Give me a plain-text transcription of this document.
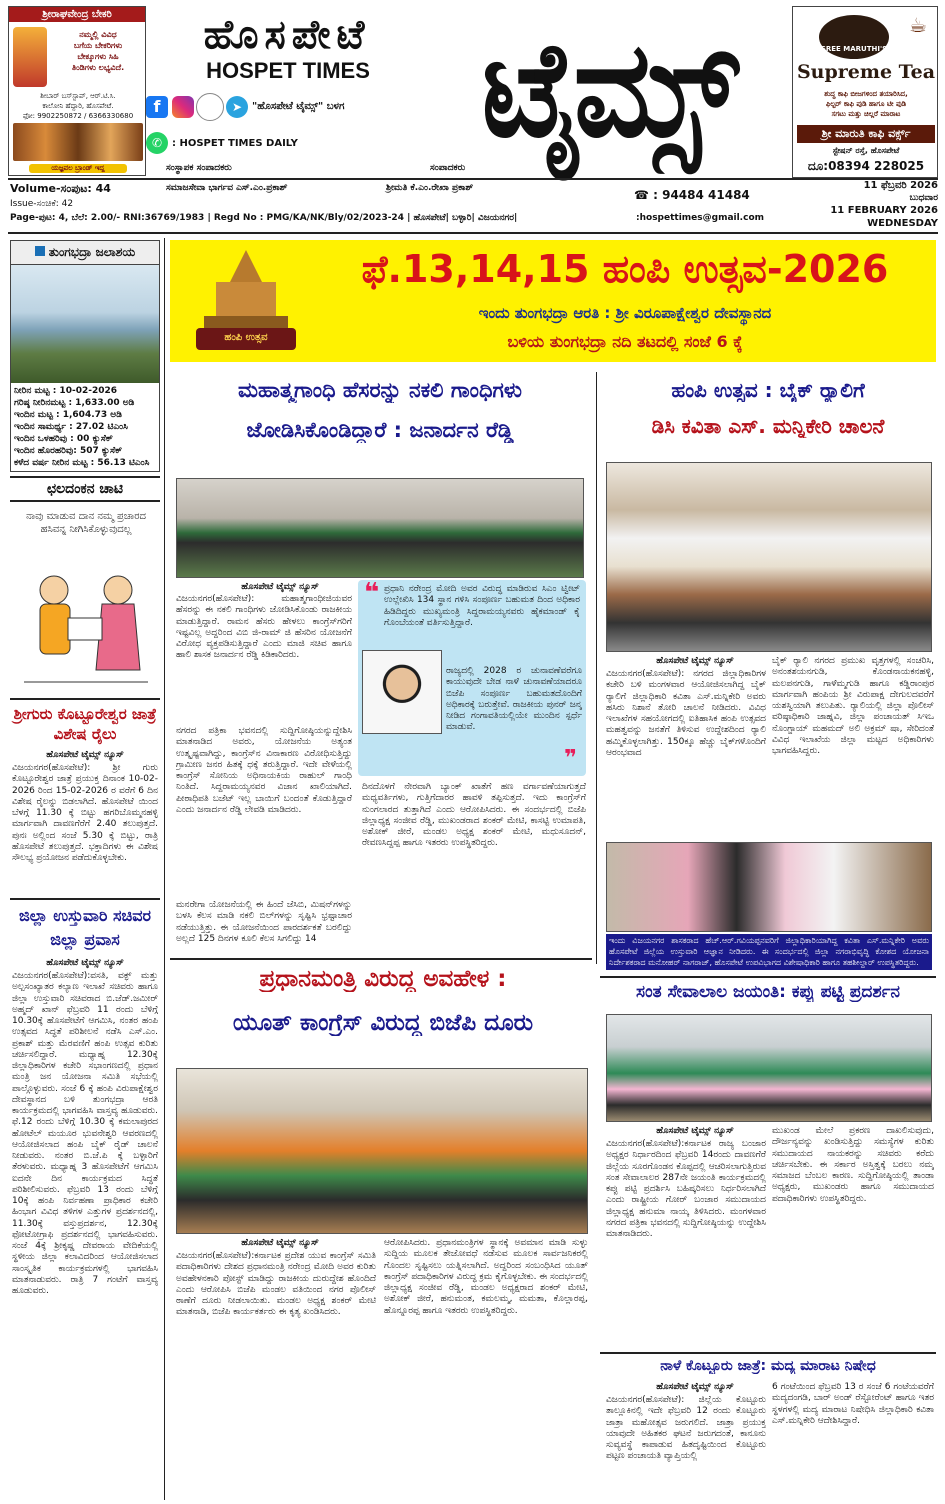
ಶ್ರೀರಾಘವೇಂದ್ರ ಬೇಕರಿ
ನಮ್ಮಲ್ಲಿ ವಿವಿಧ
ಬಗೆಯ ಬೇಕರಿಗಳು
ಬೇಕ್ಕೂಗಳು ಸಿಹಿ
ತಿಂಡಿಗಳು ಲಭ್ಯವಿದೆ.
ಶೀಬಾರ್ ಬಸ್‌ಸ್ಟಾಪ್, ಆರ್.ಟಿ.ಸಿ.
ಕಾಲೋನಿ ಹೆದ್ದಾರಿ, ಹೊಸಪೇಟೆ.
ಫೋ: 9902250872 / 6366330680
ಯಜ್ಞವಲ ಬ್ರಾಂಡ್ ಇದ್ದ
ಹೊಸಪೇಟೆ
HOSPET TIMES ಟೈಮ್ಸ್
f	➤ "ಹೊಸಪೇಟೆ ಟೈಮ್ಸ್" ಬಳಗ
✆ : HOSPET TIMES DAILY
☕
SREE MARUTHI'S
Supreme Tea
ಶುದ್ಧ ಕಾಫಿ ಬೀಜಗಳಿಂದ ತಯಾರಿಸಿದ,
ಫಿಲ್ಟರ್ ಕಾಫಿ ಪುಡಿ ಹಾಗೂ ಟೀ ಪುಡಿ
ಸಗಟು ಮತ್ತು ಚಿಲ್ಲರೆ ಮಾರಾಟ
ಶ್ರೀ ಮಾರುತಿ ಕಾಫಿ ವರ್ಕ್ಸ್
ಸ್ಟೇಷನ್ ರಸ್ತೆ, ಹೊಸಪೇಟೆ
ದೂ:08394 228025
ಸಂಸ್ಥಾಪಕ ಸಂಪಾದಕರು	ಸಂಪಾದಕರು
Volume-ಸಂಪುಟ: 44	ಸಮಾಜಸೇವಾ ಭಾರ್ಗವ ಎಸ್.ಎಂ.ಪ್ರಕಾಶ್	ಶ್ರೀಮತಿ ಕೆ.ಎಂ.ರೇಖಾ ಪ್ರಕಾಶ್	☎ : 94484 41484
11 ಫೆಬ್ರವರಿ 2026
ಬುಧವಾರ
Issue-ಸಂಚಿಕೆ: 42
11 FEBRUARY 2026
Page-ಪುಟ: 4, ಬೆಲೆ: 2.00/- RNI:36769/1983 | Regd No : PMG/KA/NK/Bly/02/2023-24 | ಹೊಸಪೇಟೆ| ಬಳ್ಳಾರಿ| ವಿಜಯನಗರ|	:hospettimes@gmail.com	WEDNESDAY
ತುಂಗಭದ್ರಾ ಜಲಾಶಯ
ನೀರಿನ ಮಟ್ಟ : 10-02-2026
ಗರಿಷ್ಠ ನೀರಿನಮಟ್ಟ : 1,633.00 ಅಡಿ
ಇಂದಿನ ಮಟ್ಟ : 1,604.73 ಅಡಿ
ಇಂದಿನ ಸಾಮರ್ಥ್ಯ : 27.02 ಟಿಎಂಸಿ
ಇಂದಿನ ಒಳಹರಿವು : 00 ಕ್ಯುಸೆಕ್
ಇಂದಿನ ಹೊರಹರಿವು: 507 ಕ್ಯುಸೆಕ್
ಕಳೆದ ವರ್ಷ ನೀರಿನ ಮಟ್ಟ : 56.13 ಟಿಎಂಸಿ
ಛಲದಂಕನ ಚಾಟಿ
ನಾವು ಮಾಡುವ ದಾನ ನಮ್ಮ ಪ್ರಚಾರದ ಹಸಿವನ್ನ ನೀಗಿಸಿಕೊಳ್ಳುವುದಲ್ಲ
ಶ್ರೀಗುರು ಕೊಟ್ಟೂರೇಶ್ವರ ಜಾತ್ರೆ ವಿಶೇಷ ರೈಲು
ಹೊಸಪೇಟೆ ಟೈಮ್ಸ್ ನ್ಯೂಸ್
ವಿಜಯನಗರ(ಹೊಸಪೇಟೆ): ಶ್ರೀ ಗುರು ಕೊಟ್ಟೂರೇಶ್ವರ ಜಾತ್ರೆ ಪ್ರಯುಕ್ತ ದಿನಾಂಕ 10-02-2026 ರಿಂದ 15-02-2026 ರ ವರೆಗೆ 6 ದಿನ ವಿಶೇಷ ರೈಲನ್ನು ಬಿಡಲಾಗಿದೆ. ಹೊಸಪೇಟೆ ಯಿಂದ ಬೆಳಗ್ಗೆ 11.30 ಕ್ಕೆ ಬಿಟ್ಟು ಹಗರಿಬೊಮ್ಮನಹಳ್ಳಿ ಮಾರ್ಗವಾಗಿ ದಾವಣಗೆರೆಗೆ 2.40 ತಲುಪುತ್ತದೆ. ಪುನಃ ಅಲ್ಲಿಂದ ಸಂಜೆ 5.30 ಕ್ಕೆ ಬಿಟ್ಟು, ರಾತ್ರಿ ಹೊಸಪೇಟೆ ತಲುಪುತ್ತದೆ. ಭಕ್ತಾದಿಗಳು ಈ ವಿಶೇಷ ಸೌಲಭ್ಯ ಪ್ರಯೋಜನ ಪಡೆದುಕೊಳ್ಳಬೇಕು.
ಜಿಲ್ಲಾ ಉಸ್ತುವಾರಿ ಸಚಿವರ ಜಿಲ್ಲಾ ಪ್ರವಾಸ
ಹೊಸಪೇಟೆ ಟೈಮ್ಸ್ ನ್ಯೂಸ್
ವಿಜಯನಗರ(ಹೊಸಪೇಟೆ):ವಸತಿ, ವಕ್ಫ್ ಮತ್ತು ಅಲ್ಪಸಂಖ್ಯಾತರ ಕಲ್ಯಾಣ ಇಲಾಖೆ ಸಚಿವರು ಹಾಗೂ ಜಿಲ್ಲಾ ಉಸ್ತುವಾರಿ ಸಚಿವರಾದ ಬಿ.ಜೆಡ್.ಜಮೀರ್ ಅಹ್ಮದ್ ಖಾನ್ ಫೆಬ್ರವರಿ 11 ರಂದು ಬೆಳಿಗ್ಗೆ 10.30ಕ್ಕೆ ಹೊಸಪೇಟೆಗೆ ಆಗಮಿಸಿ, ನಂತರ ಹಂಪಿ ಉತ್ಸವದ ಸಿದ್ಧತೆ ಪರಿಶೀಲನೆ ನಡೆಸಿ ಎಸ್.ಎಂ. ಪ್ರಕಾಶ್ ಮತ್ತು ಮೆರವಣಿಗೆ ಹಂಪಿ ಉತ್ಸವ ಕುರಿತು ಚರ್ಚಿಸಲಿದ್ದಾರೆ. ಮಧ್ಯಾಹ್ನ 12.30ಕ್ಕೆ ಜಿಲ್ಲಾಧಿಕಾರಿಗಳ ಕಚೇರಿ ಸಭಾಂಗಣದಲ್ಲಿ ಪ್ರಧಾನ ಮಂತ್ರಿ ಜನ ಯೋಜನಾ ಸಮಿತಿ ಸಭೆಯಲ್ಲಿ ಪಾಲ್ಗೊಳ್ಳುವರು. ಸಂಜೆ 6 ಕ್ಕೆ ಹಂಪಿ ವಿರುಪಾಕ್ಷೇಶ್ವರ ದೇವಸ್ಥಾನದ ಬಳಿ ತುಂಗಭದ್ರಾ ಆರತಿ ಕಾರ್ಯಕ್ರಮದಲ್ಲಿ ಭಾಗವಹಿಸಿ ವಾಸ್ತವ್ಯ ಹೂಡುವರು. ಫೆ.12 ರಂದು ಬೆಳಿಗ್ಗೆ 10.30 ಕ್ಕೆ ಕಮಲಾಪುರದ ಹೋಟೆಲ್ ಮಯೂರ ಭುವನೇಶ್ವರಿ ಆವರಣದಲ್ಲಿ ಆಯೋಜಿಸಲಾದ ಹಂಪಿ ಬೈಕ್ ರೈಡ್ ಚಾಲನೆ ನೀಡುವರು. ನಂತರ ಬಿ.ಜೆ.ಪಿ ಕ್ಕೆ ಬಳ್ಳಾರಿಗೆ ತೆರಳುವರು. ಮಧ್ಯಾಹ್ನ 3 ಹೊಸಪೇಟೆಗೆ ಆಗಮಿಸಿ ಐದನೇ ದಿನ ಕಾರ್ಯಕ್ರಮದ ಸಿದ್ಧತೆ ಪರಿಶೀಲಿಸುವರು. ಫೆಬ್ರವರಿ 13 ರಂದು ಬೆಳಿಗ್ಗೆ 10ಕ್ಕೆ ಹಂಪಿ ನಿರ್ವಹಣಾ ಪ್ರಾಧಿಕಾರ ಕಚೇರಿ ಹಿಂಭಾಗ ವಿವಿಧ ತಳಿಗಳ ಎತ್ತುಗಳ ಪ್ರದರ್ಶನದಲ್ಲಿ, 11.30ಕ್ಕೆ ವಸ್ತುಪ್ರದರ್ಶನ, 12.30ಕ್ಕೆ ಫೋಟೋಗ್ರಾಫಿ ಪ್ರದರ್ಶನದಲ್ಲಿ ಭಾಗವಹಿಸುವರು. ಸಂಜೆ 4ಕ್ಕೆ ಶ್ರೀಕೃಷ್ಣ ದೇವರಾಯ ವೇದಿಕೆಯಲ್ಲಿ ಸ್ಥಳೀಯ ಜಿಲ್ಲಾ ಕಲಾವಿದರಿಂದ ಆಯೋಜಿಸಲಾದ ಸಾಂಸ್ಕೃತಿಕ ಕಾರ್ಯಕ್ರಮಗಳಲ್ಲಿ ಭಾಗವಹಿಸಿ ಮಾತನಾಡುವರು. ರಾತ್ರಿ 7 ಗಂಟೆಗೆ ವಾಸ್ತವ್ಯ ಹೂಡುವರು.
ಹಂಪಿ ಉತ್ಸವ
ಫೆ.13,14,15 ಹಂಪಿ ಉತ್ಸವ-2026
ಇಂದು ತುಂಗಭದ್ರಾ ಆರತಿ : ಶ್ರೀ ವಿರೂಪಾಕ್ಷೇಶ್ವರ ದೇವಸ್ಥಾನದ
ಬಳಿಯ ತುಂಗಭದ್ರಾ ನದಿ ತಟದಲ್ಲಿ ಸಂಜೆ 6 ಕ್ಕೆ
ಮಹಾತ್ಮಗಾಂಧಿ ಹೆಸರನ್ನು ನಕಲಿ ಗಾಂಧಿಗಳು
ಜೋಡಿಸಿಕೊಂಡಿದ್ದಾರೆ : ಜನಾರ್ದನ ರೆಡ್ಡಿ
ಹೊಸಪೇಟೆ ಟೈಮ್ಸ್ ನ್ಯೂಸ್
ವಿಜಯನಗರ(ಹೊಸಪೇಟೆ): ಮಹಾತ್ಮಗಾಂಧೀಜಿಯವರ ಹೆಸರನ್ನು ಈ ನಕಲಿ ಗಾಂಧಿಗಳು ಜೋಡಿಸಿಕೊಂಡು ರಾಜಕೀಯ ಮಾಡುತ್ತಿದ್ದಾರೆ. ರಾಮನ ಹೆಸರು ಹೇಳಲು ಕಾಂಗ್ರೆಸ್‌ಗರಿಗೆ ಇಷ್ಟವಿಲ್ಲ ಅದ್ದರಿಂದ ವಿಬಿ ಜಿ-ರಾಮ್ ಜಿ ಹೆಸರಿನ ಯೋಜನೆಗೆ ವಿರೋಧ ವ್ಯಕ್ತಪಡಿಸುತ್ತಿದ್ದಾರೆ ಎಂದು ಮಾಜಿ ಸಚಿವ ಹಾಗೂ ಹಾಲಿ ಶಾಸಕ ಜನಾರ್ದನ ರೆಡ್ಡಿ ಕಿಡಿಕಾರಿದರು.
ನಗರದ ಪತ್ರಿಕಾ ಭವನದಲ್ಲಿ ಸುದ್ದಿಗೋಷ್ಠಿಯನ್ನುದ್ದೇಶಿಸಿ ಮಾತನಾಡಿದ ಅವರು, ಯೋಜನೆಯ ಅತ್ಯಂತ ಉತ್ಕೃಷ್ಟವಾಗಿದ್ದು, ಕಾಂಗ್ರೆಸ್‌ನ ವಿನಾಕಾರಣ ವಿರೋಧಿಸುತ್ತಿದ್ದು ಗ್ರಾಮೀಣ ಜನರ ಹಿತಕ್ಕೆ ಧಕ್ಕೆ ತರುತ್ತಿದ್ದಾರೆ. ಇದೇ ವೇಳೆಯಲ್ಲಿ ಕಾಂಗ್ರೆಸ್ ಸೋನಿಯ ಅಧಿನಾಯಕಿಯ ರಾಹುಲ್‌ ಗಾಂಧಿ ನಿಂತಿದೆ. ಸಿದ್ದರಾಮಯ್ಯನವರ ವಿಜಾನ ಖಾಲಿಯಾಗಿದೆ. ಪೀಠಾಧಿಪತಿ ಬಜೆಟ್ ಇಲ್ಲ ಬಾಯಿಗೆ ಬಂದಂತೆ ಕೊಡುತ್ತಿದ್ದಾರೆ ಎಂದು ಜನಾರ್ದನ ರೆಡ್ಡಿ ಲೇವಡಿ ಮಾಡಿದರು.
ಮನರೇಗಾ ಯೋಜನೆಯಲ್ಲಿ ಈ ಹಿಂದೆ ಜೆಸಿಬಿ, ಮಿಷನ್‌ಗಳನ್ನು ಬಳಸಿ ಕೆಲಸ ಮಾಡಿ ನಕಲಿ ಬಿಲ್‌ಗಳನ್ನು ಸೃಷ್ಟಿಸಿ ಭ್ರಷ್ಟಾಚಾರ ನಡೆಯುತ್ತಿತ್ತು. ಈ ಯೋಜನೆಯಿಂದ ಪಾರದರ್ಶಕತೆ ಬರಲಿದ್ದು ಅಲ್ಲದೆ 125 ದಿನಗಳ ಕೂಲಿ ಕೆಲಸ ಸಿಗಲಿದ್ದು 14
❝ ಪ್ರಧಾನಿ ನರೇಂದ್ರ ಮೋದಿ ಅವರ ವಿರುದ್ಧ ಮಾಡಿರುವ ಸಿಎಂ ಟ್ವೀಟ್ ಉಲ್ಲೇಖಿಸಿ 134 ಸ್ಥಾನ ಗಳಿಸಿ ಸಂಪೂರ್ಣ ಬಹುಮತ ದಿಂದ ಅಧಿಕಾರ ಹಿಡಿದಿದ್ದರು ಮುಖ್ಯಮಂತ್ರಿ ಸಿದ್ದರಾಮಯ್ಯನವರು ಹೈಕಮಾಂಡ್‌ ಕೈ ಗೊಂಬೆಯಂತೆ ವರ್ತಿಸುತ್ತಿದ್ದಾರೆ.
ರಾಜ್ಯದಲ್ಲಿ 2028 ರ ಚುನಾವಣೆವರೆಗೂ ಕಾಯುವುದೇ ಬೇಡ ನಾಳೆ ಚುನಾವಣೆಯಾದರೂ ಬಿಜೆಪಿ ಸಂಪೂರ್ಣ ಬಹುಮತದೊಂದಿಗೆ ಅಧಿಕಾರಕ್ಕೆ ಬರುತ್ತೇವೆ. ರಾಜಕೀಯ ಪುನರ್ ಜನ್ಮ ನೀಡಿದ ಗಂಗಾವತಿಯಲ್ಲಿಯೇ ಮುಂದಿನ ಸ್ಪರ್ಧೆ ಮಾಡುವೆ.
❞
ದಿನದೊಳಗೆ ನೇರವಾಗಿ ಬ್ಯಾಂಕ್ ಖಾತೆಗೆ ಹಣ ವರ್ಗಾವಣೆಯಾಗುತ್ತದೆ ಮಧ್ಯವರ್ತಿಗಳು, ಗುತ್ತಿಗೆದಾರರ ಹಾವಳಿ ತಪ್ಪಿಸುತ್ತದೆ. ಇದು ಕಾಂಗ್ರೆಸ್‌ಗೆ ನುಂಗಲಾರದ ತುತ್ತಾಗಿದೆ ಎಂದು ಆರೋಪಿಸಿದರು. ಈ ಸಂದರ್ಭದಲ್ಲಿ ಬಿಜೆಪಿ ಜಿಲ್ಲಾಧ್ಯಕ್ಷ ಸಂಜೀವ ರೆಡ್ಡಿ, ಮುಖಂಡರಾದ ಶಂಕರ್ ಮೇಟಿ, ಕಾಸಟ್ಟಿ ಉಮಾಪತಿ, ಅಶೋಕ್ ಜೀರೆ, ಮಂಡಲ ಅಧ್ಯಕ್ಷ ಶಂಕರ್ ಮೇಟಿ, ಮಧುಸೂದನ್, ರೇವಣಸಿದ್ದಪ್ಪ ಹಾಗೂ ಇತರರು ಉಪಸ್ಥಿತರಿದ್ದರು.
ಪ್ರಧಾನಮಂತ್ರಿ ವಿರುದ್ಧ ಅವಹೇಳ :
ಯೂತ್ ಕಾಂಗ್ರೆಸ್ ವಿರುದ್ಧ ಬಿಜೆಪಿ ದೂರು
ಹೊಸಪೇಟೆ ಟೈಮ್ಸ್ ನ್ಯೂಸ್
ವಿಜಯನಗರ(ಹೊಸಪೇಟೆ):ಕರ್ನಾಟಕ ಪ್ರದೇಶ ಯುವ ಕಾಂಗ್ರೆಸ್ ಸಮಿತಿ ಪದಾಧಿಕಾರಿಗಳು ದೇಶದ ಪ್ರಧಾನಮಂತ್ರಿ ನರೇಂದ್ರ ಮೋದಿ ಅವರ ಕುರಿತು ಅವಹೇಳನಕಾರಿ ಪೋಸ್ಟ್ ಮಾಡಿದ್ದು ರಾಜಕೀಯ ದುರುದ್ದೇಶ ಹೊಂದಿದೆ ಎಂದು ಆರೋಪಿಸಿ ಬಿಜೆಪಿ ಮಂಡಲ ವತಿಯಿಂದ ನಗರ ಪೊಲೀಸ್ ಠಾಣೆಗೆ ದೂರು ನೀಡಲಾಯಿತು. ಮಂಡಲ ಅಧ್ಯಕ್ಷ ಶಂಕರ್ ಮೇಟಿ ಮಾತನಾಡಿ, ಬಿಜೆಪಿ ಕಾರ್ಯಕರ್ತರು ಈ ಕೃತ್ಯ ಖಂಡಿಸಿದರು.
ಆರೋಪಿಸಿದರು. ಪ್ರಧಾನಮಂತ್ರಿಗಳ ಸ್ಥಾನಕ್ಕೆ ಅವಮಾನ ಮಾಡಿ ಸುಳ್ಳು ಸುದ್ದಿಯ ಮೂಲಕ ತೇಜೋವಧೆ ನಡೆಸುವ ಮೂಲಕ ಸಾರ್ವಜನಿಕರಲ್ಲಿ ಗೊಂದಲ ಸೃಷ್ಟಿಸಲು ಯತ್ನಿಸಲಾಗಿದೆ. ಅದ್ದರಿಂದ ಸಂಬಂಧಿಸಿದ ಯೂತ್ ಕಾಂಗ್ರೆಸ್ ಪದಾಧಿಕಾರಿಗಳ ವಿರುದ್ಧ ಕ್ರಮ ಕೈಗೊಳ್ಳಬೇಕು. ಈ ಸಂದರ್ಭದಲ್ಲಿ ಜಿಲ್ಲಾಧ್ಯಕ್ಷ ಸಂಜೀವ ರೆಡ್ಡಿ, ಮಂಡಲ ಅಧ್ಯಕ್ಷರಾದ ಶಂಕರ್ ಮೇಟಿ, ಅಶೋಕ್ ಜೀರೆ, ಹನುಮಂತ, ಕಮಲಮ್ಮ, ಮಮತಾ, ಕೊಲ್ಲಾರಪ್ಪ, ಹೊನ್ನೂರಪ್ಪ ಹಾಗೂ ಇತರರು ಉಪಸ್ಥಿತರಿದ್ದರು.
ಹಂಪಿ ಉತ್ಸವ : ಬೈಕ್ ರ‍್ಯಾಲಿಗೆ
ಡಿಸಿ ಕವಿತಾ ಎಸ್. ಮನ್ನಿಕೇರಿ ಚಾಲನೆ
ಹೊಸಪೇಟೆ ಟೈಮ್ಸ್ ನ್ಯೂಸ್
ವಿಜಯನಗರ(ಹೊಸಪೇಟೆ): ನಗರದ ಜಿಲ್ಲಾಧಿಕಾರಿಗಳ ಕಚೇರಿ ಬಳಿ ಮಂಗಳವಾರ ಆಯೋಜಿಸಲಾಗಿದ್ದ ಬೈಕ್ ರ‍್ಯಾಲಿಗೆ ಜಿಲ್ಲಾಧಿಕಾರಿ ಕವಿತಾ ಎಸ್.ಮನ್ನಿಕೇರಿ ಅವರು ಹಸಿರು ನಿಶಾನೆ ತೋರಿ ಚಾಲನೆ ನೀಡಿದರು. ವಿವಿಧ ಇಲಾಖೆಗಳ ಸಹಯೋಗದಲ್ಲಿ ಐತಿಹಾಸಿಕ ಹಂಪಿ ಉತ್ಸವದ ಮಹತ್ವವನ್ನು ಜನತೆಗೆ ತಿಳಿಸುವ ಉದ್ದೇಶದಿಂದ ರ‍್ಯಾಲಿ ಹಮ್ಮಿಕೊಳ್ಳಲಾಗಿತ್ತು. 150ಕ್ಕೂ ಹೆಚ್ಚು ಬೈಕ್‌ಗಳೊಂದಿಗೆ ಆರಂಭವಾದ
ಬೈಕ್ ರ‍್ಯಾಲಿ ನಗರದ ಪ್ರಮುಖ ವೃತ್ತಗಳಲ್ಲಿ ಸಂಚರಿಸಿ, ಅನಂತಶಯನಗುಡಿ, ಕೊಂಡನಾಯಕನಹಳ್ಳಿ, ಮಲಪನಗುಡಿ, ಗಾಳೆಮ್ಮಗುಡಿ ಹಾಗೂ ಕಡ್ಡಿರಾಂಪುರ ಮಾರ್ಗವಾಗಿ ಹಂಪಿಯ ಶ್ರೀ ವಿರುಪಾಕ್ಷ ದೇಗುಲದವರೆಗೆ ಯಶಸ್ವಿಯಾಗಿ ತಲುಪಿತು. ರ‍್ಯಾಲಿಯಲ್ಲಿ ಜಿಲ್ಲಾ ಪೊಲೀಸ್ ವರಿಷ್ಠಾಧಿಕಾರಿ ಜಾಹ್ನವಿ, ಜಿಲ್ಲಾ ಪಂಚಾಯತ್ ಸಿಇಒ ನೊಂಗ್ಜಾಯ್ ಮಹಮದ್ ಅಲಿ ಅಕ್ರಮ್ ಷಾ, ಸೇರಿದಂತೆ ವಿವಿಧ ಇಲಾಖೆಯ ಜಿಲ್ಲಾ ಮಟ್ಟದ ಅಧಿಕಾರಿಗಳು ಭಾಗವಹಿಸಿದ್ದರು.
ಇಂದು ವಿಜಯನಗರ ಶಾಸಕರಾದ ಹೆಚ್.ಆರ್.ಗವಿಯಪ್ಪನವರಿಗೆ ಜಿಲ್ಲಾಧಿಕಾರಿಯಾಗಿದ್ದ ಕವಿತಾ ಎಸ್.ಮನ್ನಿಕೇರಿ ಅವರು ಹೊಸಪೇಟೆ ಜಿಲ್ಲೆಯ ಉಸ್ತುವಾರಿ ಆಜ್ಞಾನ ನೀಡಿದರು. ಈ ಸಂದರ್ಭದಲ್ಲಿ ಜಿಲ್ಲಾ ನಗರಾಭಿವೃದ್ಧಿ ಕೋಶದ ಯೋಜನಾ ನಿರ್ದೇಶಕರಾದ ಮನೋಹರ್ ನಾಗರಾಜ್, ಹೊಸಪೇಟೆ ಉಪವಿಭಾಗದ ವಿಶೇಷಾಧಿಕಾರಿ ಹಾಗೂ ತಹಶೀಲ್ದಾರ್ ಉಪಸ್ಥಿತರಿದ್ದರು.
ಸಂತ ಸೇವಾಲಾಲ ಜಯಂತಿ: ಕಪ್ಪು ಪಟ್ಟಿ ಪ್ರದರ್ಶನ
ಹೊಸಪೇಟೆ ಟೈಮ್ಸ್ ನ್ಯೂಸ್
ವಿಜಯನಗರ(ಹೊಸಪೇಟೆ):ಕರ್ನಾಟಕ ರಾಜ್ಯ ಬಂಜಾರ ಅಧ್ಯಕ್ಷರ ನಿರ್ಧಾರದಿಂದ ಫೆಬ್ರವರಿ 14ರಂದು ದಾವಣಗೆರೆ ಜಿಲ್ಲೆಯ ಸೂರಗೊಂಡನ ಕೊಪ್ಪದಲ್ಲಿ ಆಚರಿಸಲಾಗುತ್ತಿರುವ ಸಂತ ಸೇವಾಲಾಲರ 287ನೇ ಜಯಂತಿ ಕಾರ್ಯಕ್ರಮದಲ್ಲಿ ಕಪ್ಪು ಪಟ್ಟಿ ಪ್ರದರ್ಶಿಸಿ ಬಹಿಷ್ಕರಿಸಲು ನಿರ್ಧರಿಸಲಾಗಿದೆ ಎಂದು ರಾಷ್ಟ್ರೀಯ ಗೋರ್ ಬಂಜಾರ ಸಮುದಾಯದ ಜಿಲ್ಲಾಧ್ಯಕ್ಷ ಹನುಮಾ ನಾಯ್ಕ ತಿಳಿಸಿದರು. ಮಂಗಳವಾರ ನಗರದ ಪತ್ರಿಕಾ ಭವನದಲ್ಲಿ ಸುದ್ದಿಗೋಷ್ಠಿಯನ್ನು ಉದ್ದೇಶಿಸಿ ಮಾತನಾಡಿದರು.
ಮುಖಂಡ ಮೇಲೆ ಪ್ರಕರಣ ದಾಖಲಿಸುವುದು, ದೌರ್ಜನ್ಯವನ್ನು ಖಂಡಿಸುತ್ತಿದ್ದು ಸಮಸ್ಯೆಗಳ ಕುರಿತು ಸಮುದಾಯದ ನಾಯಕರನ್ನು ಸಚಿವರು ಕರೆದು ಚರ್ಚಿಸಬೇಕು. ಈ ಸರ್ಕಾರ ಅಸ್ತಿತ್ವಕ್ಕೆ ಬರಲು ನಮ್ಮ ಸಮಾಜದ ಬೆಂಬಲ ಕಾರಣ. ಸುದ್ದಿಗೋಷ್ಠಿಯಲ್ಲಿ ತಾಂಡಾ ಅಧ್ಯಕ್ಷರು, ಮುಖಂಡರು ಹಾಗೂ ಸಮುದಾಯದ ಪದಾಧಿಕಾರಿಗಳು ಉಪಸ್ಥಿತರಿದ್ದರು.
ನಾಳೆ ಕೊಟ್ಟೂರು ಜಾತ್ರೆ: ಮದ್ಯ ಮಾರಾಟ ನಿಷೇಧ
ಹೊಸಪೇಟೆ ಟೈಮ್ಸ್ ನ್ಯೂಸ್
ವಿಜಯನಗರ(ಹೊಸಪೇಟೆ): ಜಿಲ್ಲೆಯ ಕೊಟ್ಟೂರು ತಾಲ್ಲೂಕಿನಲ್ಲಿ ಇದೇ ಫೆಬ್ರವರಿ 12 ರಂದು ಕೊಟ್ಟೂರು ಜಾತ್ರಾ ಮಹೋತ್ಸವ ಜರುಗಲಿದೆ. ಜಾತ್ರಾ ಪ್ರಯುಕ್ತ ಯಾವುದೇ ಅಹಿತಕರ ಘಟನೆ ಜರುಗದಂತೆ, ಕಾನೂನು ಸುವ್ಯವಸ್ಥೆ ಕಾಪಾಡುವ ಹಿತದೃಷ್ಟಿಯಿಂದ ಕೊಟ್ಟೂರು ಪಟ್ಟಣ ಪಂಚಾಯತಿ ವ್ಯಾಪ್ತಿಯಲ್ಲಿ
6 ಗಂಟೆಯಿಂದ ಫೆಬ್ರವರಿ 13 ರ ಸಂಜೆ 6 ಗಂಟೆಯವರೆಗೆ ಮದ್ಯದಂಗಡಿ, ಬಾರ್ ಅಂಡ್ ರೆಸ್ಟೋರೆಂಟ್ ಹಾಗೂ ಇತರ ಸ್ಥಳಗಳಲ್ಲಿ ಮದ್ಯ ಮಾರಾಟ ನಿಷೇಧಿಸಿ ಜಿಲ್ಲಾಧಿಕಾರಿ ಕವಿತಾ ಎಸ್.ಮನ್ನಿಕೇರಿ ಆದೇಶಿಸಿದ್ದಾರೆ.
